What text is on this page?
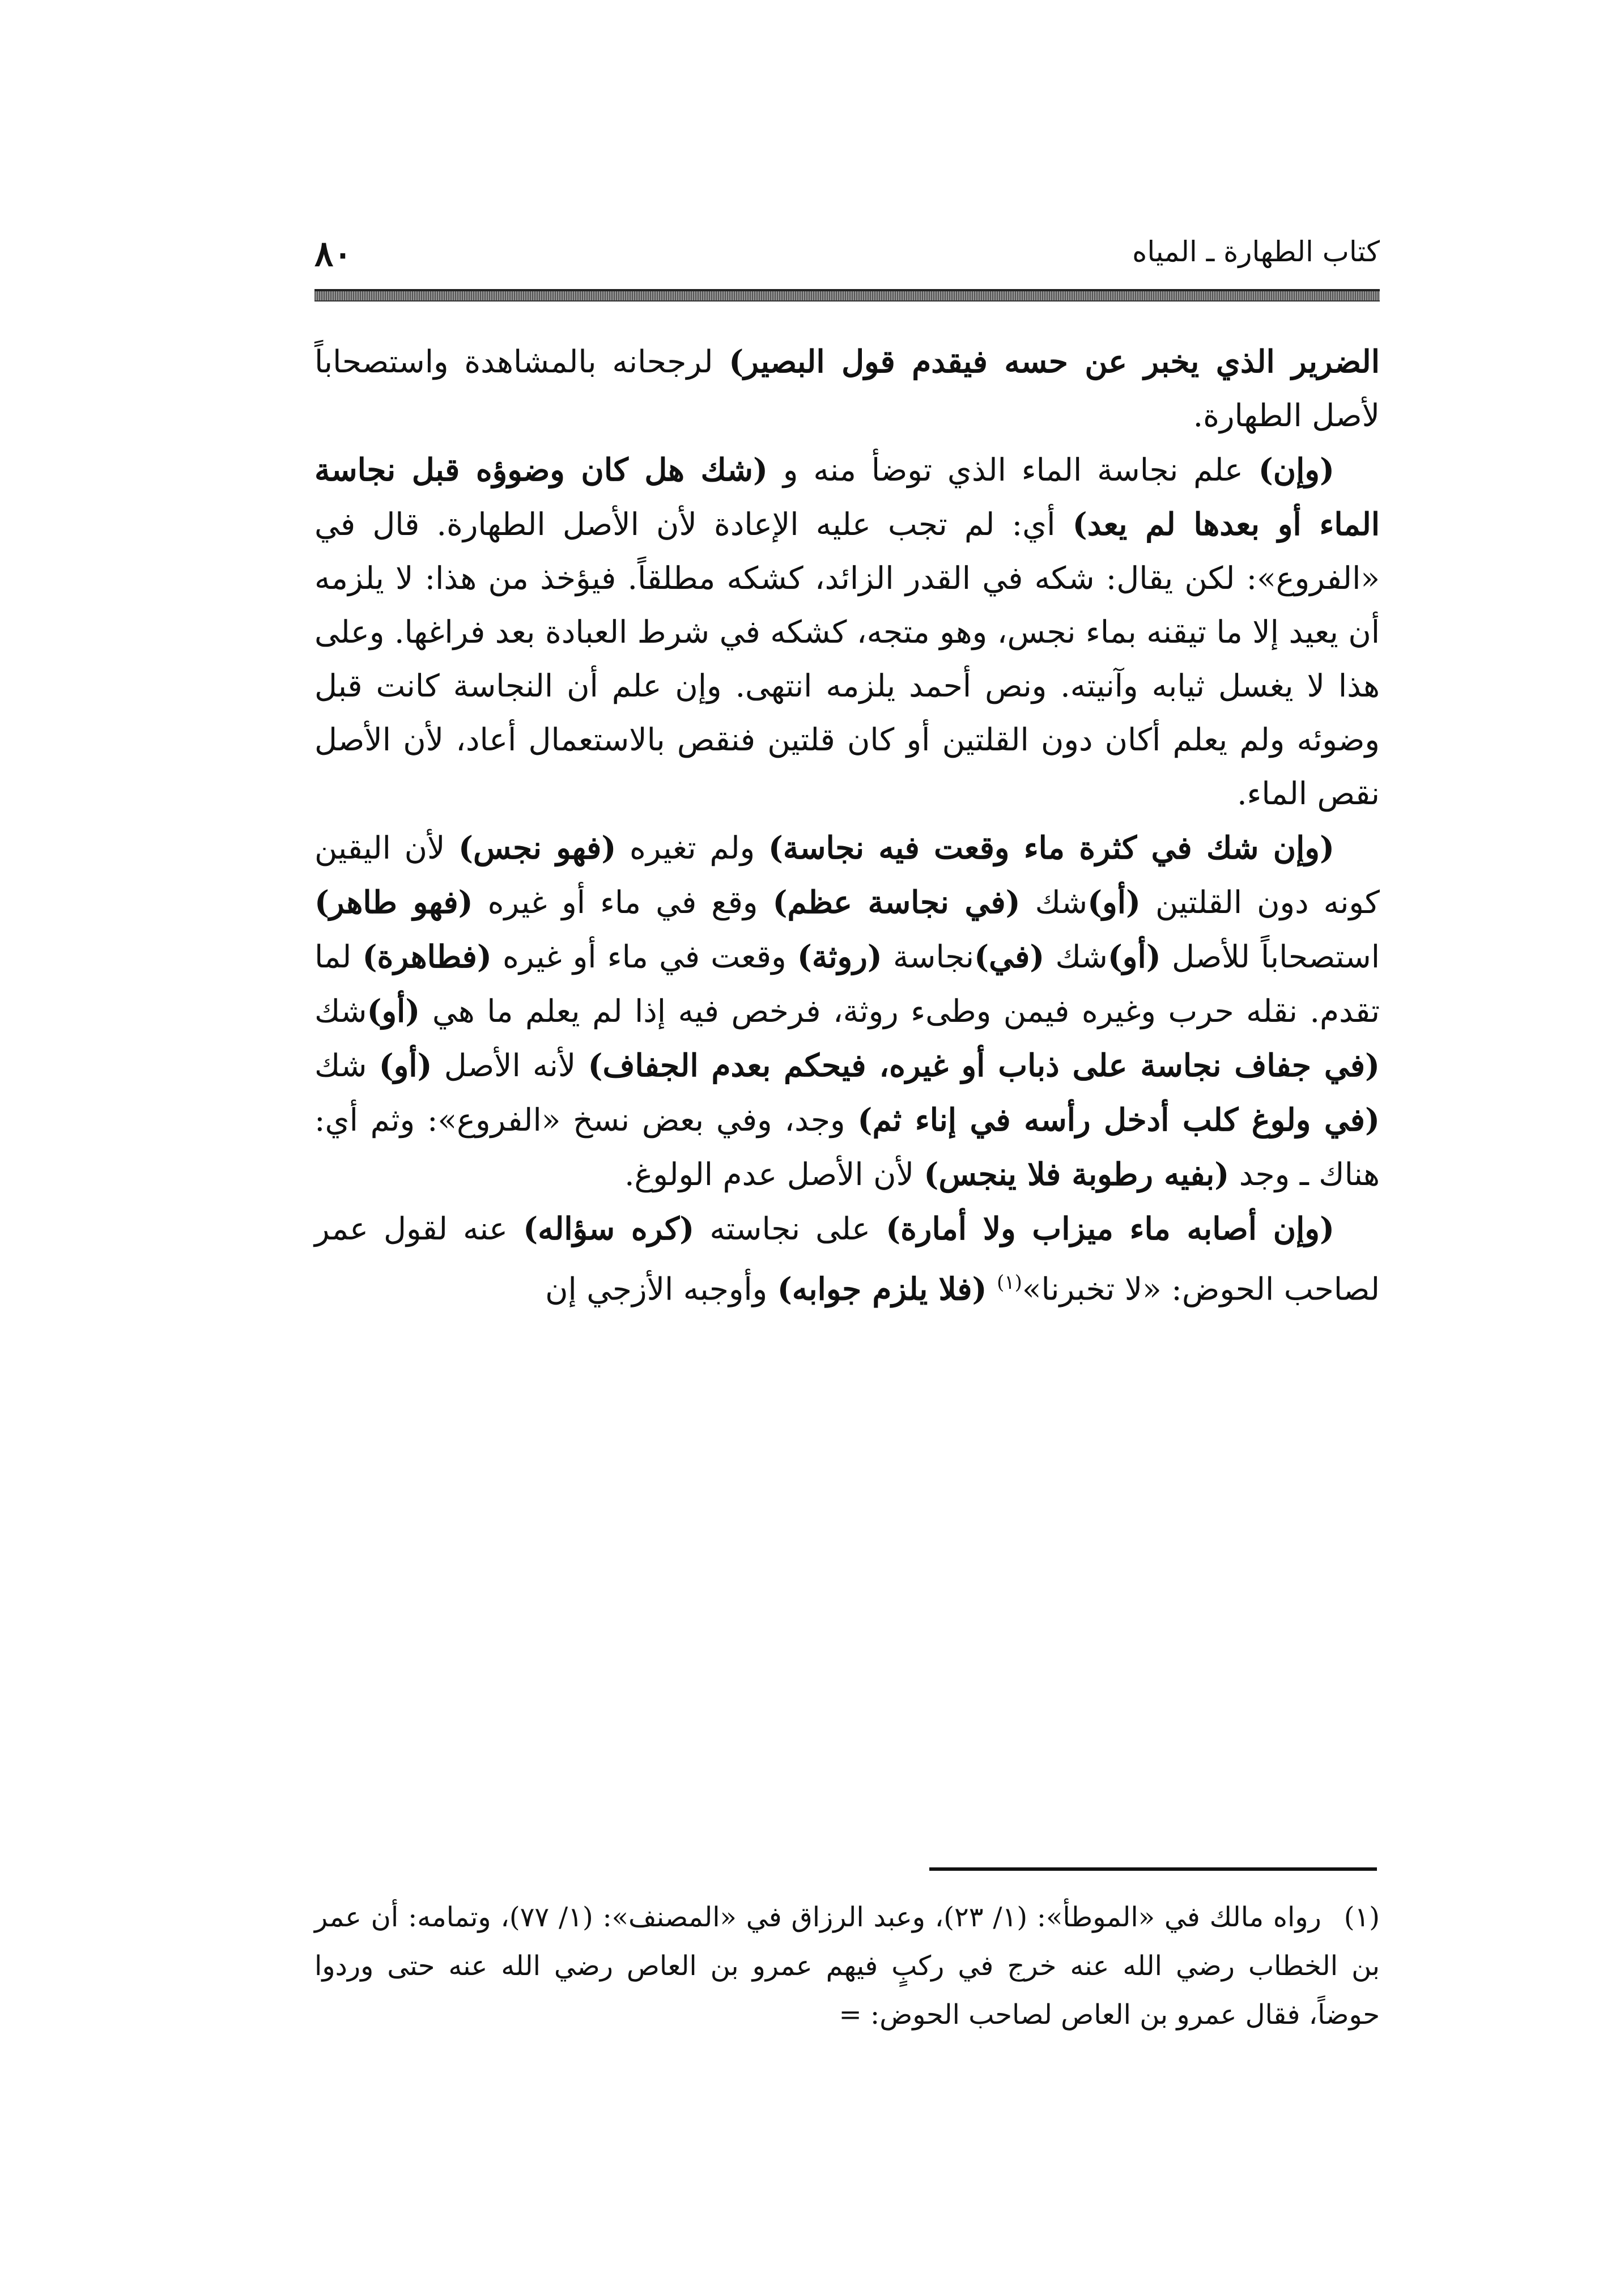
كتاب الطهارة ـ المياه
٨٠

الضرير الذي يخبر عن حسه فيقدم قول البصير) لرجحانه بالمشاهدة واستصحاباً لأصل الطهارة.

(وإن) علم نجاسة الماء الذي توضأ منه و (شك هل كان وضوؤه قبل نجاسة الماء أو بعدها لم يعد) أي: لم تجب عليه الإعادة لأن الأصل الطهارة. قال في «الفروع»: لكن يقال: شكه في القدر الزائد، كشكه مطلقاً. فيؤخذ من هذا: لا يلزمه أن يعيد إلا ما تيقنه بماء نجس، وهو متجه، كشكه في شرط العبادة بعد فراغها. وعلى هذا لا يغسل ثيابه وآنيته. ونص أحمد يلزمه انتهى. وإن علم أن النجاسة كانت قبل وضوئه ولم يعلم أكان دون القلتين أو كان قلتين فنقص بالاستعمال أعاد، لأن الأصل نقص الماء.

(وإن شك في كثرة ماء وقعت فيه نجاسة) ولم تغيره (فهو نجس) لأن اليقين كونه دون القلتين (أو)شك (في نجاسة عظم) وقع في ماء أو غيره (فهو طاهر) استصحاباً للأصل (أو)شك (في)نجاسة (روثة) وقعت في ماء أو غيره (فطاهرة) لما تقدم. نقله حرب وغيره فيمن وطىء روثة، فرخص فيه إذا لم يعلم ما هي (أو)شك (في جفاف نجاسة على ذباب أو غيره، فيحكم بعدم الجفاف) لأنه الأصل (أو) شك (في ولوغ كلب أدخل رأسه في إناء ثم) وجد، وفي بعض نسخ «الفروع»: وثم أي: هناك ـ وجد (بفيه رطوبة فلا ينجس) لأن الأصل عدم الولوغ.

(وإن أصابه ماء ميزاب ولا أمارة) على نجاسته (كره سؤاله) عنه لقول عمر لصاحب الحوض: «لا تخبرنا»$^{(١)}$ (فلا يلزم جوابه) وأوجبه الأزجي إن

(١)رواه مالك في «الموطأ»: (١/ ٢٣)، وعبد الرزاق في «المصنف»: (١/ ٧٧)، وتمامه: أن عمر بن الخطاب رضي الله عنه خرج في ركبٍ فيهم عمرو بن العاص رضي الله عنه حتى وردوا حوضاً، فقال عمرو بن العاص لصاحب الحوض: =
